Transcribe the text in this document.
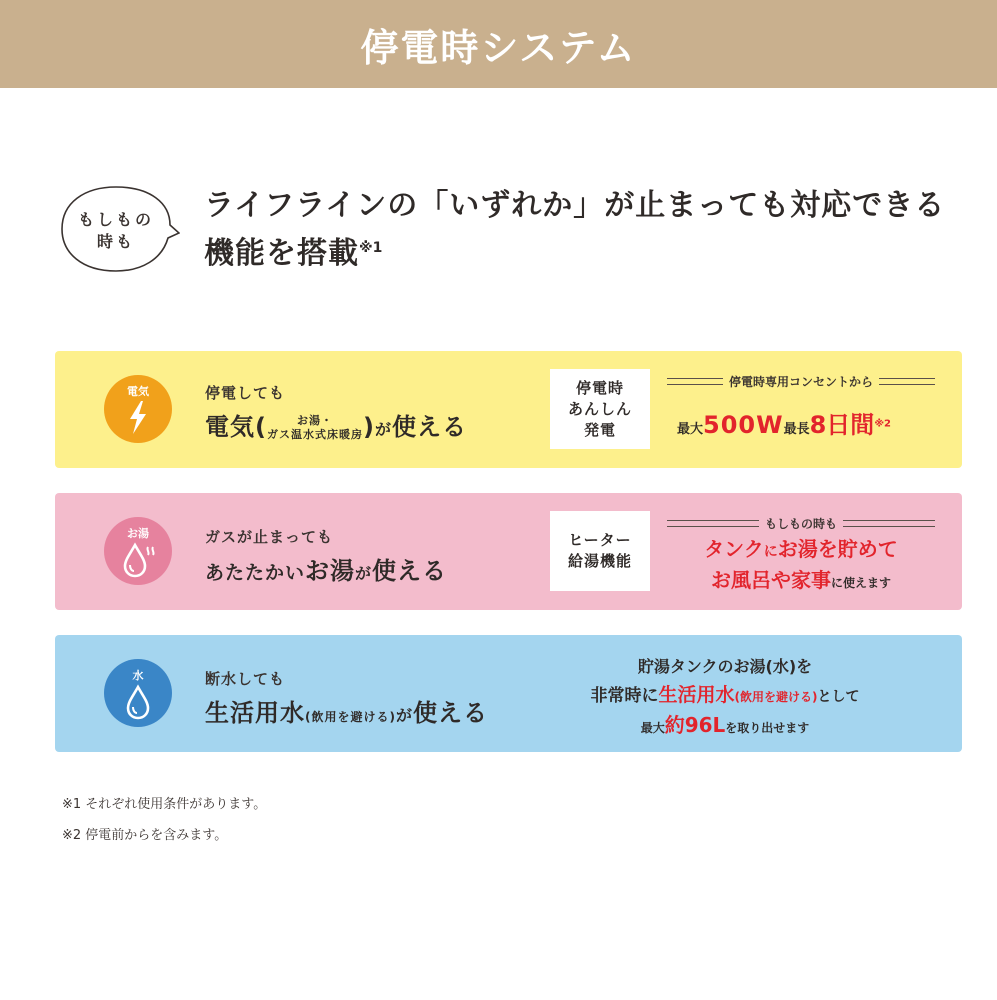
停電時システム
もしもの
時も
ライフラインの「いずれか」が止まっても対応できる
機能を搭載$^{※1}$
電気	停電しても
電気(	お湯・
ガス温水式床暖房)が使える
停電時
あんしん
発電
停電時専用コンセントから
最大500W最長8日間$^{※2}$
お湯	ガスが止まっても
あたたかいお湯が使える
ヒーター
給湯機能
もしもの時も
タンクにお湯を貯めて
お風呂や家事に使えます
水	断水しても
生活用水(飲用を避ける)が使える
貯湯タンクのお湯(水)を
非常時に生活用水(飲用を避ける)として
最大約96Lを取り出せます
※1 それぞれ使用条件があります。
※2 停電前からを含みます。
